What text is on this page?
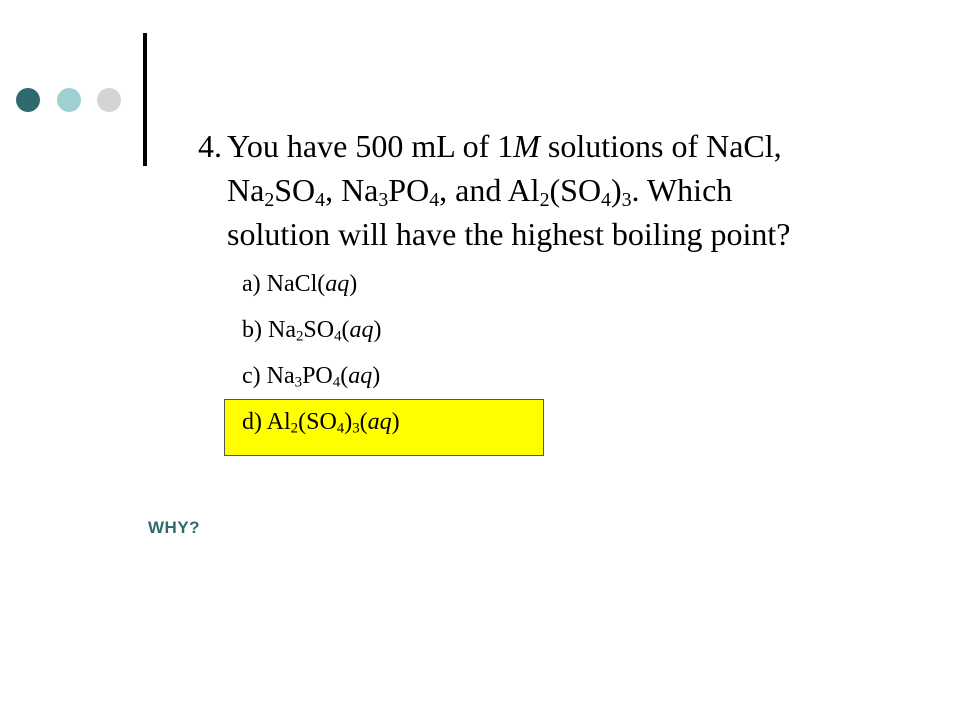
4. You have 500 mL of 1M solutions of NaCl,
$Na_2SO_4$, $Na_3PO_4$, and $Al_2(SO_4)_3$. Which
solution will have the highest boiling point?
a) NaCl(aq)
b) $Na_2SO_4(aq)$
c) $Na_3PO_4(aq)$
d) $Al_2(SO_4)_3(aq)$
WHY?
